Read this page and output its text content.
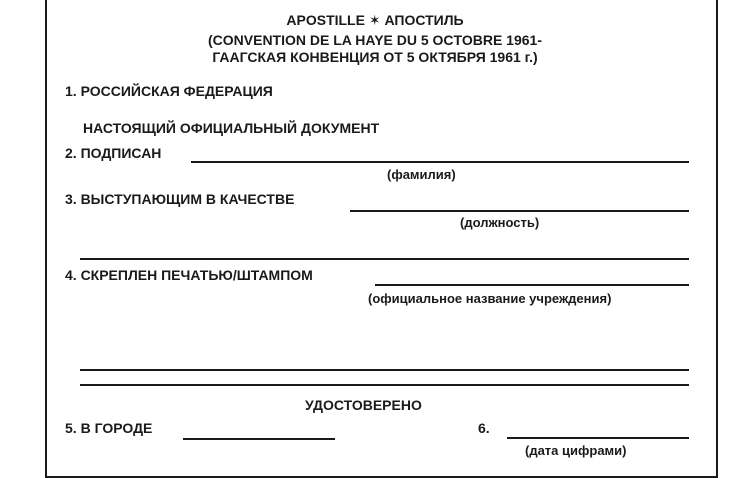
APOSTILLE ✶ АПОСТИЛЬ
(CONVENTION DE LA HAYE DU 5 OCTOBRE 1961-
ГААГСКАЯ КОНВЕНЦИЯ ОТ 5 ОКТЯБРЯ 1961 г.)
1. РОССИЙСКАЯ ФЕДЕРАЦИЯ
НАСТОЯЩИЙ ОФИЦИАЛЬНЫЙ ДОКУМЕНТ
2. ПОДПИСАН
(фамилия)
3. ВЫСТУПАЮЩИМ В КАЧЕСТВЕ
(должность)
4. СКРЕПЛЕН ПЕЧАТЬЮ/ШТАМПОМ
(официальное название учреждения)
УДОСТОВЕРЕНО
5. В ГОРОДЕ	6.
(дата цифрами)
